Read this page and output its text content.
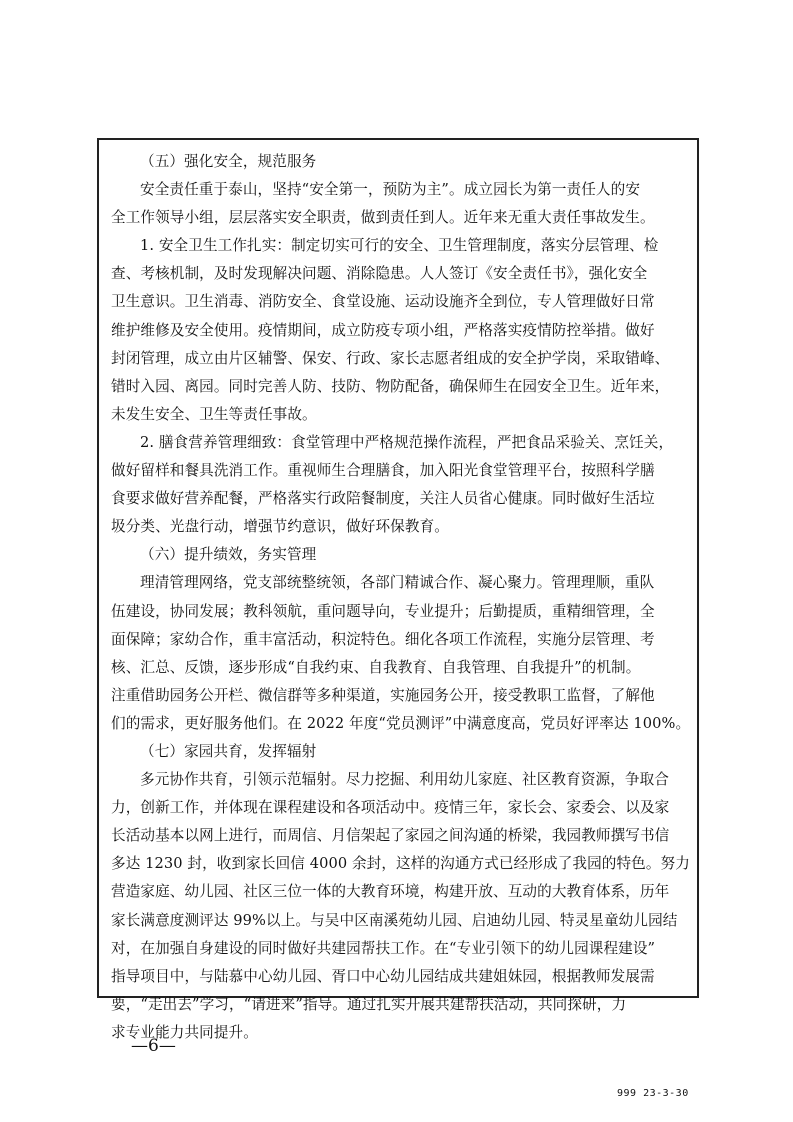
（五）强化安全，规范服务

安全责任重于泰山，坚持“安全第一，预防为主”。成立园长为第一责任人的安

全工作领导小组，层层落实安全职责，做到责任到人。近年来无重大责任事故发生。

1. 安全卫生工作扎实：制定切实可行的安全、卫生管理制度，落实分层管理、检

查、考核机制，及时发现解决问题、消除隐患。人人签订《安全责任书》，强化安全

卫生意识。卫生消毒、消防安全、食堂设施、运动设施齐全到位，专人管理做好日常

维护维修及安全使用。疫情期间，成立防疫专项小组，严格落实疫情防控举措。做好

封闭管理，成立由片区辅警、保安、行政、家长志愿者组成的安全护学岗，采取错峰、

错时入园、离园。同时完善人防、技防、物防配备，确保师生在园安全卫生。近年来，

未发生安全、卫生等责任事故。

2. 膳食营养管理细致：食堂管理中严格规范操作流程，严把食品采验关、烹饪关，

做好留样和餐具洗消工作。重视师生合理膳食，加入阳光食堂管理平台，按照科学膳

食要求做好营养配餐，严格落实行政陪餐制度，关注人员省心健康。同时做好生活垃

圾分类、光盘行动，增强节约意识，做好环保教育。

（六）提升绩效，务实管理

理清管理网络，党支部统整统领，各部门精诚合作、凝心聚力。管理理顺，重队

伍建设，协同发展；教科领航，重问题导向，专业提升；后勤提质，重精细管理，全

面保障；家幼合作，重丰富活动，积淀特色。细化各项工作流程，实施分层管理、考

核、汇总、反馈，逐步形成“自我约束、自我教育、自我管理、自我提升”的机制。

注重借助园务公开栏、微信群等多种渠道，实施园务公开，接受教职工监督，了解他

们的需求，更好服务他们。在 2022 年度“党员测评”中满意度高，党员好评率达 100%。

（七）家园共育，发挥辐射

多元协作共育，引领示范辐射。尽力挖掘、利用幼儿家庭、社区教育资源，争取合

力，创新工作，并体现在课程建设和各项活动中。疫情三年，家长会、家委会、以及家

长活动基本以网上进行，而周信、月信架起了家园之间沟通的桥梁，我园教师撰写书信

多达 1230 封，收到家长回信 4000 余封，这样的沟通方式已经形成了我园的特色。努力

营造家庭、幼儿园、社区三位一体的大教育环境，构建开放、互动的大教育体系，历年

家长满意度测评达 99%以上。与吴中区南溪苑幼儿园、启迪幼儿园、特灵星童幼儿园结

对，在加强自身建设的同时做好共建园帮扶工作。在“专业引领下的幼儿园课程建设”

指导项目中，与陆慕中心幼儿园、胥口中心幼儿园结成共建姐妹园，根据教师发展需

要，“走出去”学习，“请进来”指导。通过扎实开展共建帮扶活动，共同探研，力

求专业能力共同提升。

—6—
999 23-3-30
